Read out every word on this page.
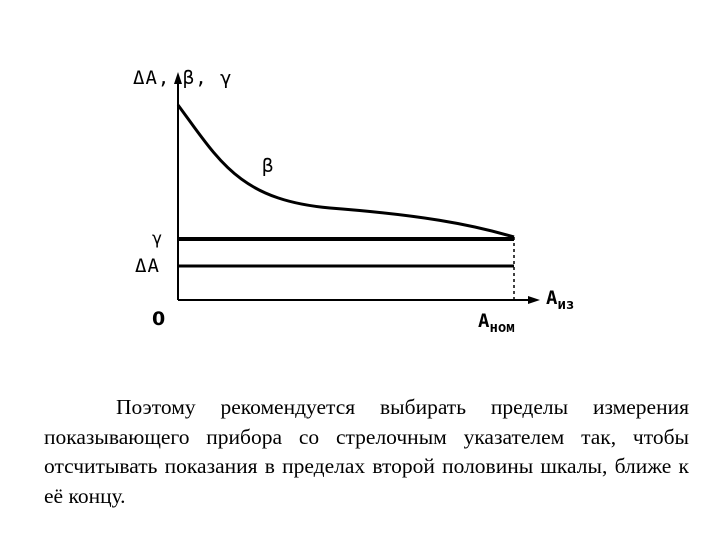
ΔA, β, γ
β
γ
ΔA
0
$A_{из}$
$A_{ном}$

Поэтому рекомендуется выбирать пределы измерения показывающего прибора со стрелочным указателем так, чтобы отсчитывать показания в пределах второй половины шкалы, ближе к её концу.
